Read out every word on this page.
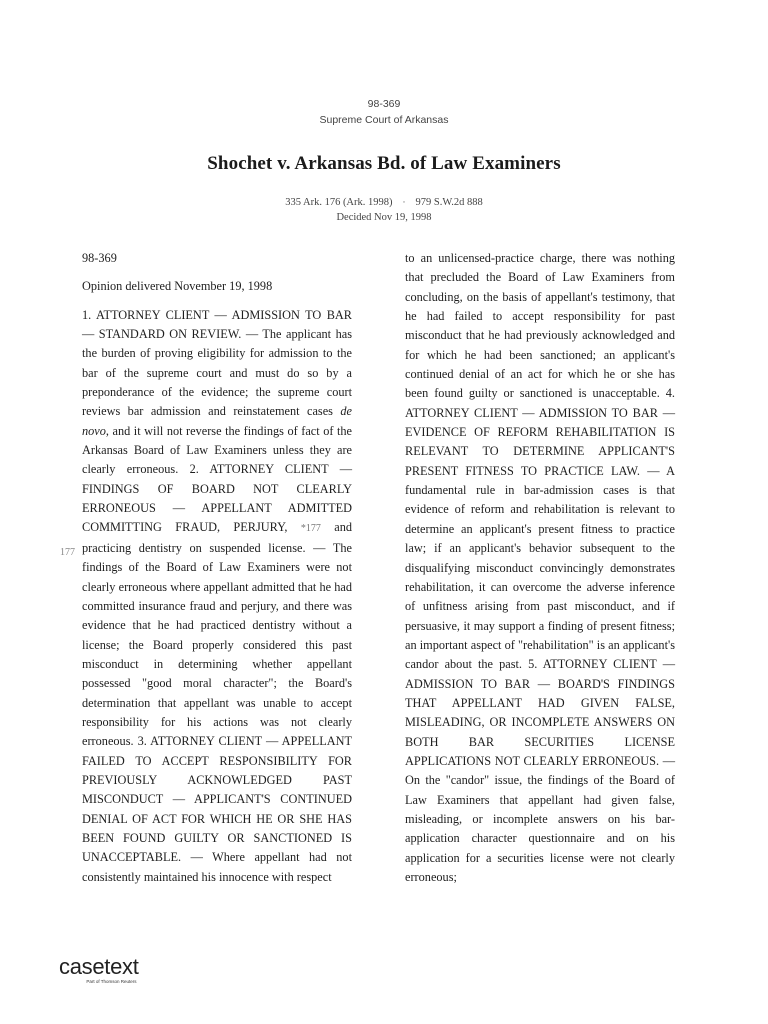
98-369
Supreme Court of Arkansas
Shochet v. Arkansas Bd. of Law Examiners
335 Ark. 176 (Ark. 1998) · 979 S.W.2d 888
Decided Nov 19, 1998
177

98-369

Opinion delivered November 19, 1998

1. ATTORNEY CLIENT — ADMISSION TO BAR — STANDARD ON REVIEW. — The applicant has the burden of proving eligibility for admission to the bar of the supreme court and must do so by a preponderance of the evidence; the supreme court reviews bar admission and reinstatement cases de novo, and it will not reverse the findings of fact of the Arkansas Board of Law Examiners unless they are clearly erroneous. 2. ATTORNEY CLIENT — FINDINGS OF BOARD NOT CLEARLY ERRONEOUS — APPELLANT ADMITTED COMMITTING FRAUD, PERJURY, *177 and practicing dentistry on suspended license. — The findings of the Board of Law Examiners were not clearly erroneous where appellant admitted that he had committed insurance fraud and perjury, and there was evidence that he had practiced dentistry without a license; the Board properly considered this past misconduct in determining whether appellant possessed "good moral character"; the Board's determination that appellant was unable to accept responsibility for his actions was not clearly erroneous. 3. ATTORNEY CLIENT — APPELLANT FAILED TO ACCEPT RESPONSIBILITY FOR PREVIOUSLY ACKNOWLEDGED PAST MISCONDUCT — APPLICANT'S CONTINUED DENIAL OF ACT FOR WHICH HE OR SHE HAS BEEN FOUND GUILTY OR SANCTIONED IS UNACCEPTABLE. — Where appellant had not consistently maintained his innocence with respect

to an unlicensed-practice charge, there was nothing that precluded the Board of Law Examiners from concluding, on the basis of appellant's testimony, that he had failed to accept responsibility for past misconduct that he had previously acknowledged and for which he had been sanctioned; an applicant's continued denial of an act for which he or she has been found guilty or sanctioned is unacceptable. 4. ATTORNEY CLIENT — ADMISSION TO BAR — EVIDENCE OF REFORM REHABILITATION IS RELEVANT TO DETERMINE APPLICANT'S PRESENT FITNESS TO PRACTICE LAW. — A fundamental rule in bar-admission cases is that evidence of reform and rehabilitation is relevant to determine an applicant's present fitness to practice law; if an applicant's behavior subsequent to the disqualifying misconduct convincingly demonstrates rehabilitation, it can overcome the adverse inference of unfitness arising from past misconduct, and if persuasive, it may support a finding of present fitness; an important aspect of "rehabilitation" is an applicant's candor about the past. 5. ATTORNEY CLIENT — ADMISSION TO BAR — BOARD'S FINDINGS THAT APPELLANT HAD GIVEN FALSE, MISLEADING, OR INCOMPLETE ANSWERS ON BOTH BAR SECURITIES LICENSE APPLICATIONS NOT CLEARLY ERRONEOUS. — On the "candor" issue, the findings of the Board of Law Examiners that appellant had given false, misleading, or incomplete answers on his bar-application character questionnaire and on his application for a securities license were not clearly erroneous;

casetext
Part of Thomson Reuters
